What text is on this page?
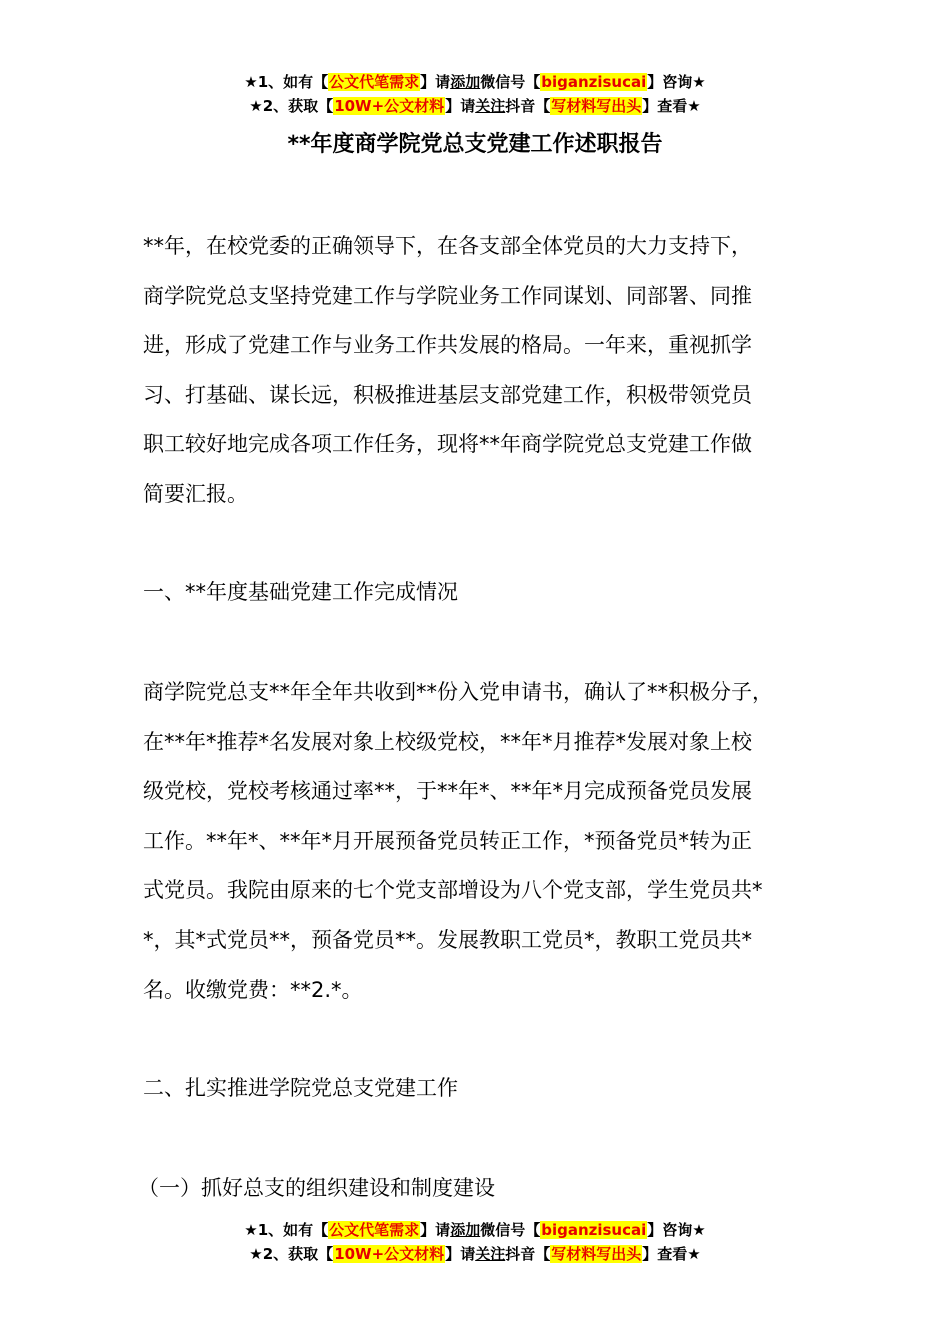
★1、如有【公文代笔需求】请添加微信号【biganzisucai】咨询★
★2、获取【10W+公文材料】请关注抖音【写材料写出头】查看★
**年度商学院党总支党建工作述职报告
**年，在校党委的正确领导下，在各支部全体党员的大力支持下，
商学院党总支坚持党建工作与学院业务工作同谋划、同部署、同推
进，形成了党建工作与业务工作共发展的格局。一年来，重视抓学
习、打基础、谋长远，积极推进基层支部党建工作，积极带领党员
职工较好地完成各项工作任务，现将**年商学院党总支党建工作做
简要汇报。
一、**年度基础党建工作完成情况
商学院党总支**年全年共收到**份入党申请书，确认了**积极分子，
在**年*推荐*名发展对象上校级党校，**年*月推荐*发展对象上校
级党校，党校考核通过率**，于**年*、**年*月完成预备党员发展
工作。**年*、**年*月开展预备党员转正工作，*预备党员*转为正
式党员。我院由原来的七个党支部增设为八个党支部，学生党员共*
*，其*式党员**，预备党员**。发展教职工党员*，教职工党员共*
名。收缴党费：**2.*。
二、扎实推进学院党总支党建工作
（一）抓好总支的组织建设和制度建设
★1、如有【公文代笔需求】请添加微信号【biganzisucai】咨询★
★2、获取【10W+公文材料】请关注抖音【写材料写出头】查看★
